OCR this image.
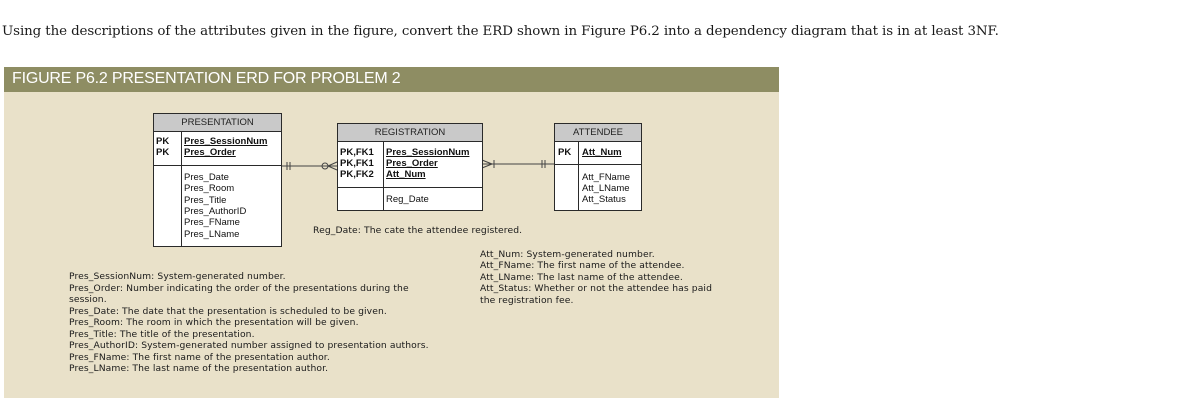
Using the descriptions of the attributes given in the figure, convert the ERD shown in Figure P6.2 into a dependency diagram that is in at least 3NF.
FIGURE P6.2 PRESENTATION ERD FOR PROBLEM 2
PRESENTATION
PK Pres_SessionNum
PK Pres_Order
Pres_Date
Pres_Room
Pres_Title
Pres_AuthorID
Pres_FName
Pres_LName
REGISTRATION
PK,FK1 Pres_SessionNum
PK,FK1 Pres_Order
PK,FK2 Att_Num
Reg_Date
ATTENDEE
PK Att_Num
Att_FName
Att_LName
Att_Status
Reg_Date: The cate the attendee registered.
Att_Num: System-generated number.
Att_FName: The first name of the attendee.
Att_LName: The last name of the attendee.
Att_Status: Whether or not the attendee has paid
the registration fee.
Pres_SessionNum: System-generated number.
Pres_Order: Number indicating the order of the presentations during the
session.
Pres_Date: The date that the presentation is scheduled to be given.
Pres_Room: The room in which the presentation will be given.
Pres_Title: The title of the presentation.
Pres_AuthorID: System-generated number assigned to presentation authors.
Pres_FName: The first name of the presentation author.
Pres_LName: The last name of the presentation author.
